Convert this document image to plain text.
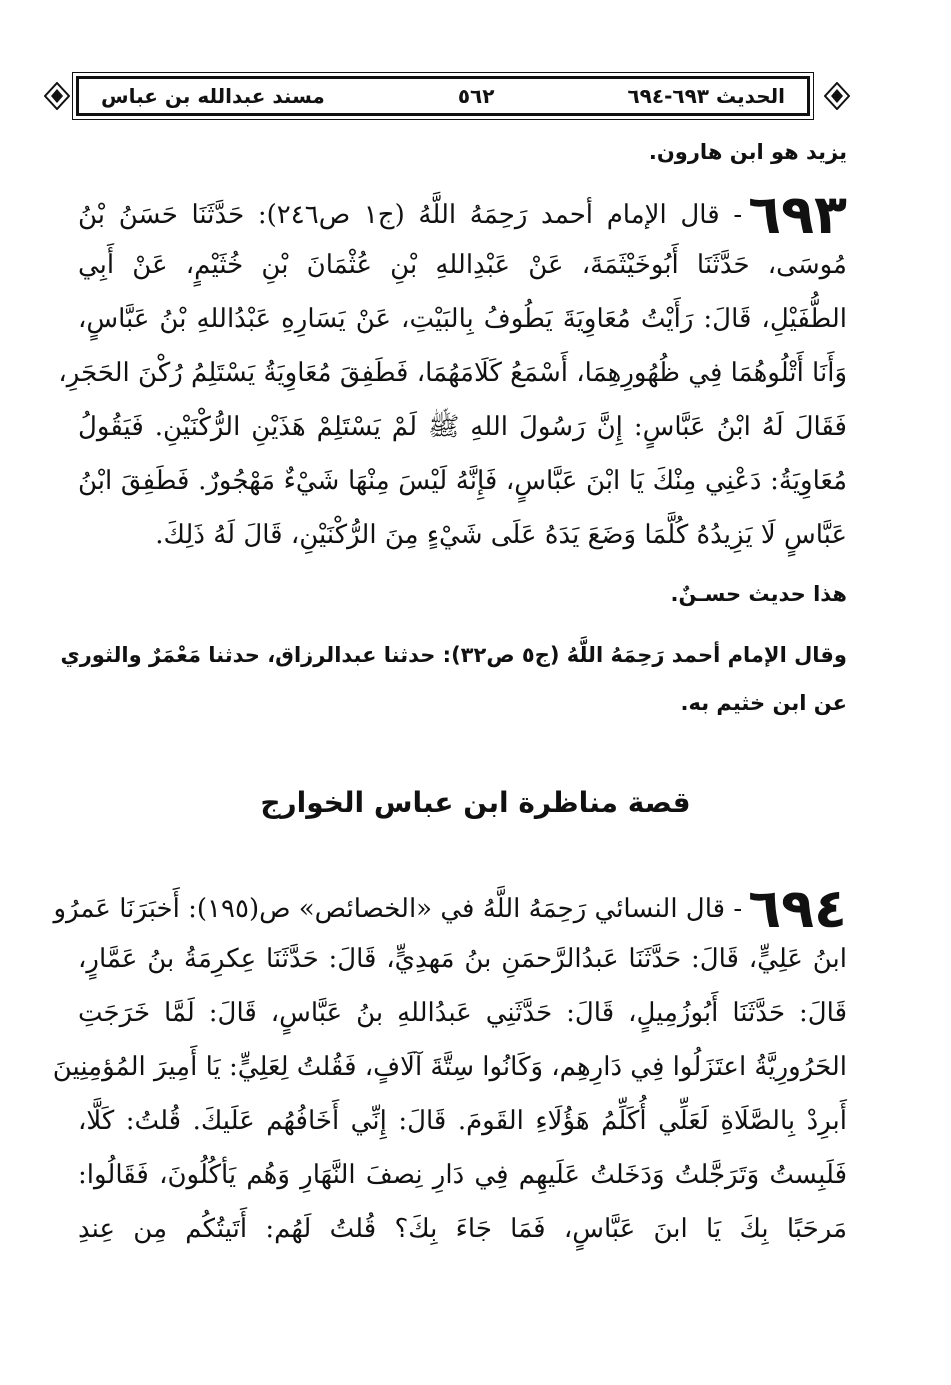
الحديث ٦٩٣-٦٩٤
٥٦٢
مسند عبدالله بن عباس
يزيد هو ابن هارون.
٦٩٣
- قال الإمام أحمد رَحِمَهُ اللَّهُ (ج١ ص٢٤٦): حَدَّثَنَا حَسَنُ بْنُ
مُوسَى، حَدَّثَنَا أَبُوخَيْثَمَةَ، عَنْ عَبْدِاللهِ بْنِ عُثْمَانَ بْنِ خُثَيْمٍ، عَنْ أَبِي
الطُّفَيْلِ، قَالَ: رَأَيْتُ مُعَاوِيَةَ يَطُوفُ بِالبَيْتِ، عَنْ يَسَارِهِ عَبْدُاللهِ بْنُ عَبَّاسٍ،
وَأَنَا أَتْلُوهُمَا فِي ظُهُورِهِمَا، أَسْمَعُ كَلَامَهُمَا، فَطَفِقَ مُعَاوِيَةُ يَسْتَلِمُ رُكْنَ الحَجَرِ،
فَقَالَ لَهُ ابْنُ عَبَّاسٍ: إِنَّ رَسُولَ اللهِ ﷺ لَمْ يَسْتَلِمْ هَذَيْنِ الرُّكْنَيْنِ. فَيَقُولُ
مُعَاوِيَةُ: دَعْنِي مِنْكَ يَا ابْنَ عَبَّاسٍ، فَإِنَّهُ لَيْسَ مِنْهَا شَيْءٌ مَهْجُورٌ. فَطَفِقَ ابْنُ
عَبَّاسٍ لَا يَزِيدُهُ كُلَّمَا وَضَعَ يَدَهُ عَلَى شَيْءٍ مِنَ الرُّكْنَيْنِ، قَالَ لَهُ ذَلِكَ.
هذا حديث حسـنٌ.
وقال الإمام أحمد رَحِمَهُ اللَّهُ (ج٥ ص٣٢): حدثنا عبدالرزاق، حدثنا مَعْمَرٌ والثوري
عن ابن خثيم به.
قصة مناظرة ابن عباس الخوارج
٦٩٤
- قال النسائي رَحِمَهُ اللَّهُ في «الخصائص» ص(١٩٥): أَخبَرَنَا عَمرُو
ابنُ عَلِيٍّ، قَالَ: حَدَّثَنَا عَبدُالرَّحمَنِ بنُ مَهدِيٍّ، قَالَ: حَدَّثَنَا عِكرِمَةُ بنُ عَمَّارٍ،
قَالَ: حَدَّثَنَا أَبُوزُمِيلٍ، قَالَ: حَدَّثَنِي عَبدُاللهِ بنُ عَبَّاسٍ، قَالَ: لَمَّا خَرَجَتِ
الحَرُورِيَّةُ اعتَزَلُوا فِي دَارِهِم، وَكَانُوا سِتَّةَ آلَافٍ، فَقُلتُ لِعَلِيٍّ: يَا أَمِيرَ المُؤمِنِينَ
أَبرِدْ بِالصَّلَاةِ لَعَلِّي أُكَلِّمُ هَؤُلَاءِ القَومَ. قَالَ: إِنِّي أَخَافُهُم عَلَيكَ. قُلتُ: كَلَّا،
فَلَبِستُ وَتَرَجَّلتُ وَدَخَلتُ عَلَيهِم فِي دَارِ نِصفَ النَّهَارِ وَهُم يَأكُلُونَ، فَقَالُوا:
مَرحَبًا بِكَ يَا ابنَ عَبَّاسٍ، فَمَا جَاءَ بِكَ؟ قُلتُ لَهُم: أَتَيتُكُم مِن عِندِ
